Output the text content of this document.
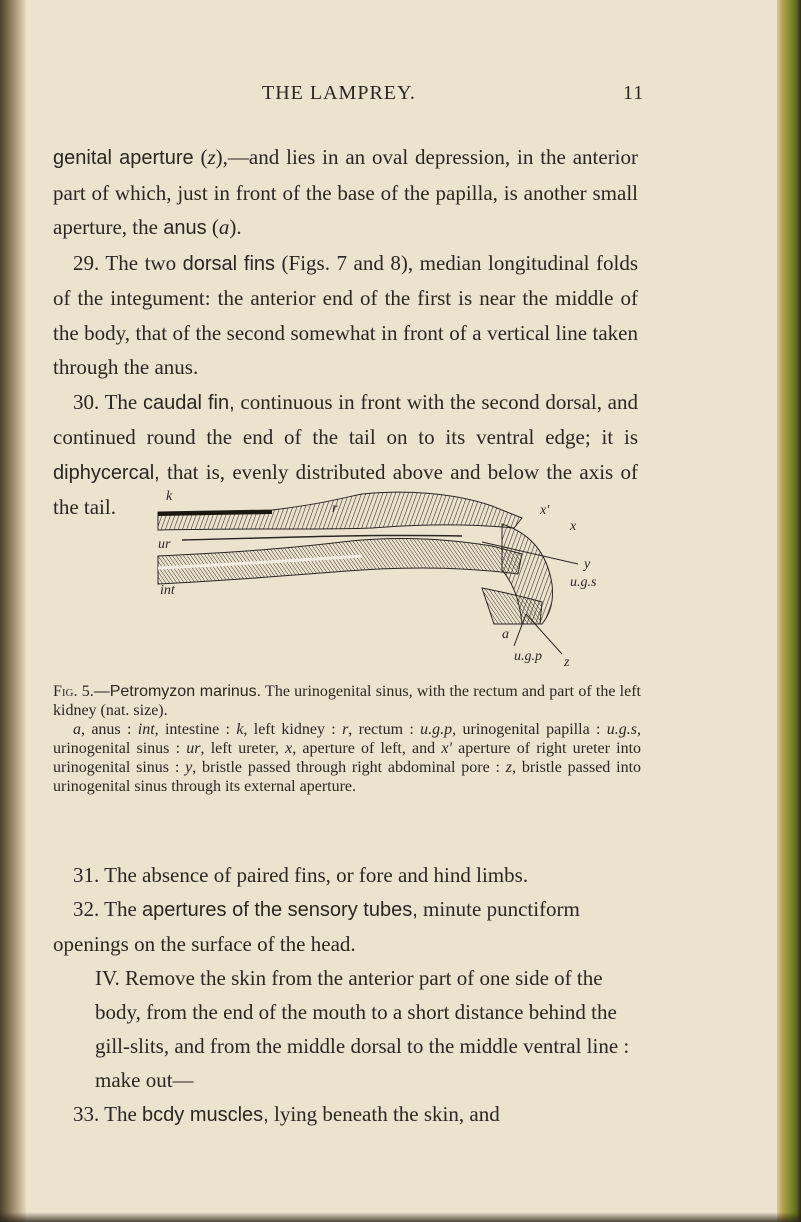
THE LAMPREY.	11

genital aperture (z),—and lies in an oval depression, in the anterior part of which, just in front of the base of the papilla, is another small aperture, the anus (a).

29. The two dorsal fins (Figs. 7 and 8), median longitudinal folds of the integument: the anterior end of the first is near the middle of the body, that of the second somewhat in front of a vertical line taken through the anus.

30. The caudal fin, continuous in front with the second dorsal, and continued round the end of the tail on to its ventral edge; it is diphycercal, that is, evenly distributed above and below the axis of the tail.	k
r	x'
x
ur
y
u.g.s
int
a
u.g.p z

Fig. 5.—Petromyzon marinus. The urinogenital sinus, with the rectum and part of the left kidney (nat. size).

a, anus : int, intestine : k, left kidney : r, rectum : u.g.p, urinogenital papilla : u.g.s, urinogenital sinus : ur, left ureter, x, aperture of left, and x' aperture of right ureter into urinogenital sinus : y, bristle passed through right abdominal pore : z, bristle passed into urinogenital sinus through its external aperture.

31. The absence of paired fins, or fore and hind limbs.

32. The apertures of the sensory tubes, minute punctiform openings on the surface of the head.

IV. Remove the skin from the anterior part of one side of the body, from the end of the mouth to a short distance behind the gill-slits, and from the middle dorsal to the middle ventral line : make out—

33. The bcdy muscles, lying beneath the skin, and
